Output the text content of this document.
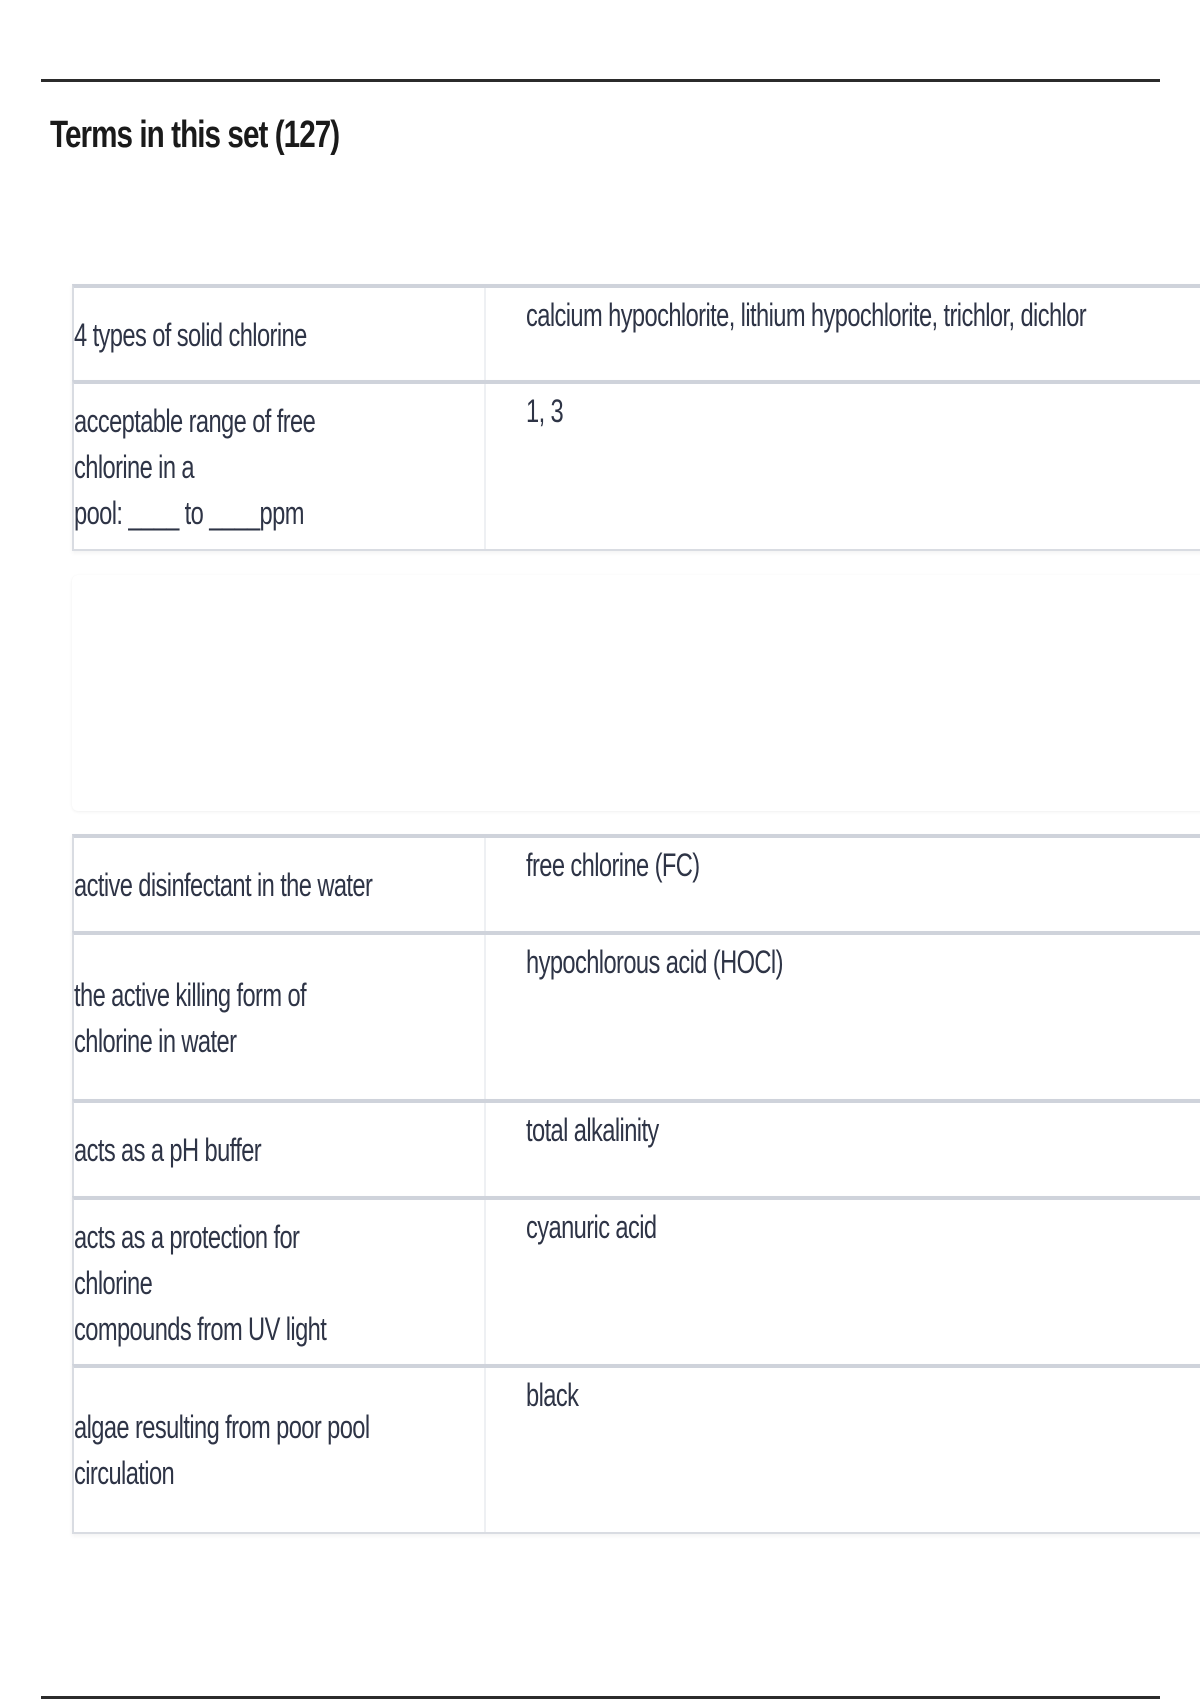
Terms in this set (127)
4 types of solid chlorine
calcium hypochlorite, lithium hypochlorite, trichlor, dichlor
acceptable range of free chlorine in a
pool: ____ to ____ppm
1, 3
active disinfectant in the water
free chlorine (FC)
the active killing form of chlorine in water
hypochlorous acid (HOCl)
acts as a pH buffer
total alkalinity
acts as a protection for chlorine
compounds from UV light
cyanuric acid
algae resulting from poor pool circulation
black
